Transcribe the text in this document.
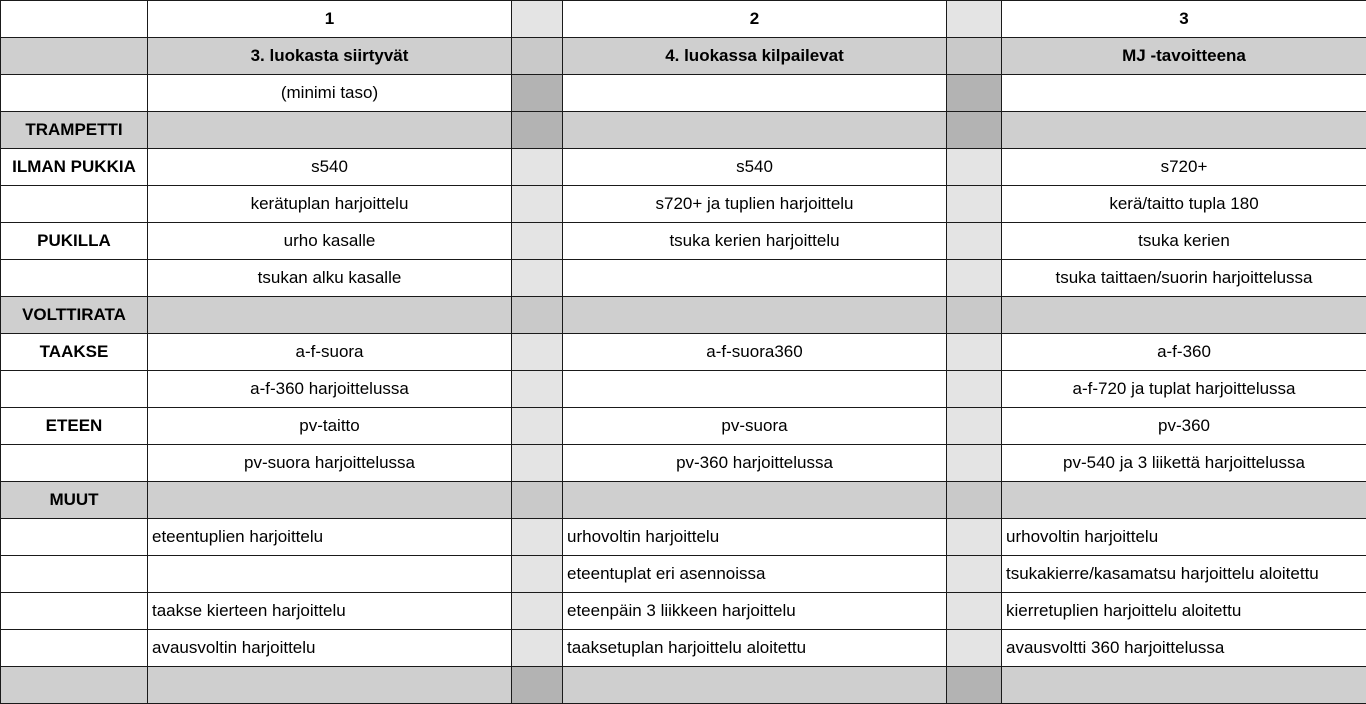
	1		2		3
	3. luokasta siirtyvät		4. luokassa kilpailevat		MJ -tavoitteena
	(minimi taso)				
TRAMPETTI					
ILMAN PUKKIA	s540		s540		s720+
	kerätuplan harjoittelu		s720+ ja tuplien harjoittelu		kerä/taitto tupla 180
PUKILLA	urho kasalle		tsuka kerien harjoittelu		tsuka kerien
	tsukan alku kasalle				tsuka taittaen/suorin harjoittelussa
VOLTTIRATA					
TAAKSE	a-f-suora		a-f-suora360		a-f-360
	a-f-360 harjoittelussa				a-f-720 ja tuplat harjoittelussa
ETEEN	pv-taitto		pv-suora		pv-360
	pv-suora harjoittelussa		pv-360 harjoittelussa		pv-540 ja 3 liikettä harjoittelussa
MUUT					
	eteentuplien harjoittelu		urhovoltin harjoittelu		urhovoltin harjoittelu
			eteentuplat eri asennoissa		tsukakierre/kasamatsu harjoittelu aloitettu
	taakse kierteen harjoittelu		eteenpäin 3 liikkeen harjoittelu		kierretuplien harjoittelu aloitettu
	avausvoltin harjoittelu		taaksetuplan harjoittelu aloitettu		avausvoltti 360 harjoittelussa
